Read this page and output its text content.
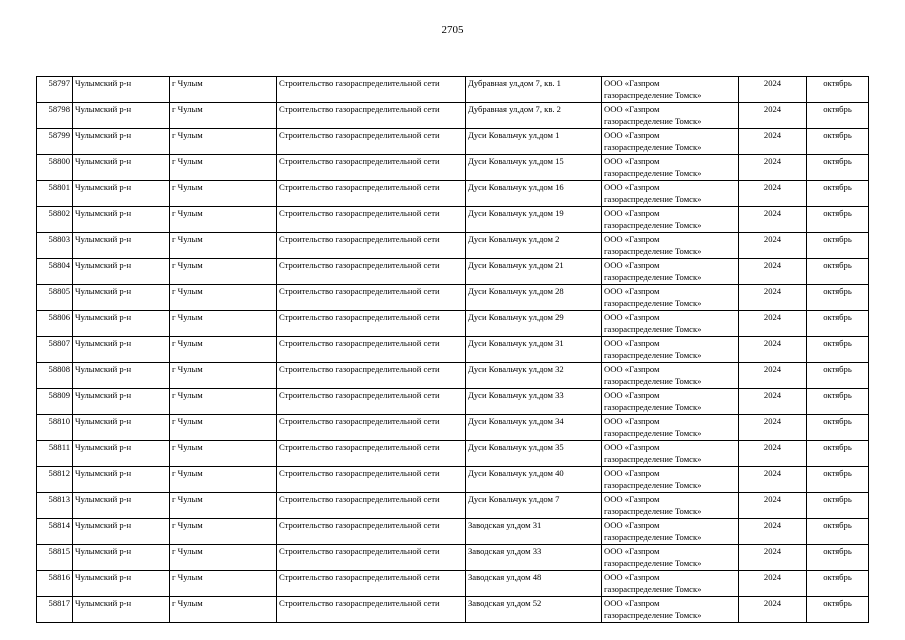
2705
58797	Чулымский р-н	г Чулым	Строительство газораспределительной сети	Дубравная ул,дом 7, кв. 1	ООО «Газпром
газораспределение Томск»	2024	октябрь
58798	Чулымский р-н	г Чулым	Строительство газораспределительной сети	Дубравная ул,дом 7, кв. 2	ООО «Газпром
газораспределение Томск»	2024	октябрь
58799	Чулымский р-н	г Чулым	Строительство газораспределительной сети	Дуси Ковальчук ул,дом 1	ООО «Газпром
газораспределение Томск»	2024	октябрь
58800	Чулымский р-н	г Чулым	Строительство газораспределительной сети	Дуси Ковальчук ул,дом 15	ООО «Газпром
газораспределение Томск»	2024	октябрь
58801	Чулымский р-н	г Чулым	Строительство газораспределительной сети	Дуси Ковальчук ул,дом 16	ООО «Газпром
газораспределение Томск»	2024	октябрь
58802	Чулымский р-н	г Чулым	Строительство газораспределительной сети	Дуси Ковальчук ул,дом 19	ООО «Газпром
газораспределение Томск»	2024	октябрь
58803	Чулымский р-н	г Чулым	Строительство газораспределительной сети	Дуси Ковальчук ул,дом 2	ООО «Газпром
газораспределение Томск»	2024	октябрь
58804	Чулымский р-н	г Чулым	Строительство газораспределительной сети	Дуси Ковальчук ул,дом 21	ООО «Газпром
газораспределение Томск»	2024	октябрь
58805	Чулымский р-н	г Чулым	Строительство газораспределительной сети	Дуси Ковальчук ул,дом 28	ООО «Газпром
газораспределение Томск»	2024	октябрь
58806	Чулымский р-н	г Чулым	Строительство газораспределительной сети	Дуси Ковальчук ул,дом 29	ООО «Газпром
газораспределение Томск»	2024	октябрь
58807	Чулымский р-н	г Чулым	Строительство газораспределительной сети	Дуси Ковальчук ул,дом 31	ООО «Газпром
газораспределение Томск»	2024	октябрь
58808	Чулымский р-н	г Чулым	Строительство газораспределительной сети	Дуси Ковальчук ул,дом 32	ООО «Газпром
газораспределение Томск»	2024	октябрь
58809	Чулымский р-н	г Чулым	Строительство газораспределительной сети	Дуси Ковальчук ул,дом 33	ООО «Газпром
газораспределение Томск»	2024	октябрь
58810	Чулымский р-н	г Чулым	Строительство газораспределительной сети	Дуси Ковальчук ул,дом 34	ООО «Газпром
газораспределение Томск»	2024	октябрь
58811	Чулымский р-н	г Чулым	Строительство газораспределительной сети	Дуси Ковальчук ул,дом 35	ООО «Газпром
газораспределение Томск»	2024	октябрь
58812	Чулымский р-н	г Чулым	Строительство газораспределительной сети	Дуси Ковальчук ул,дом 40	ООО «Газпром
газораспределение Томск»	2024	октябрь
58813	Чулымский р-н	г Чулым	Строительство газораспределительной сети	Дуси Ковальчук ул,дом 7	ООО «Газпром
газораспределение Томск»	2024	октябрь
58814	Чулымский р-н	г Чулым	Строительство газораспределительной сети	Заводская ул,дом 31	ООО «Газпром
газораспределение Томск»	2024	октябрь
58815	Чулымский р-н	г Чулым	Строительство газораспределительной сети	Заводская ул,дом 33	ООО «Газпром
газораспределение Томск»	2024	октябрь
58816	Чулымский р-н	г Чулым	Строительство газораспределительной сети	Заводская ул,дом 48	ООО «Газпром
газораспределение Томск»	2024	октябрь
58817	Чулымский р-н	г Чулым	Строительство газораспределительной сети	Заводская ул,дом 52	ООО «Газпром
газораспределение Томск»	2024	октябрь
